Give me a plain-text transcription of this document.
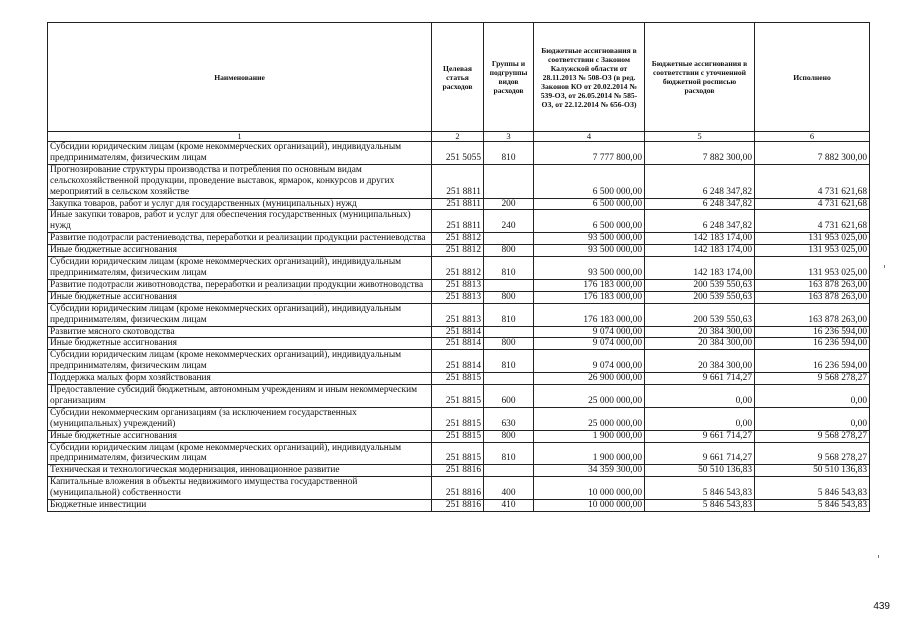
Наименование	Целевая статья расходов	Группы и подгруппы видов расходов	Бюджетные ассигнования в соответствии с Законом Калужской области от 28.11.2013 № 508-ОЗ (в ред. Законов КО от 20.02.2014 № 539-ОЗ, от 26.05.2014 № 585-ОЗ, от 22.12.2014 № 656-ОЗ)	Бюджетные ассигнования в соответствии с уточненной бюджетной росписью расходов	Исполнено
1	2	3	4	5	6
Субсидии юридическим лицам (кроме некоммерческих организаций), индивидуальным предпринимателям, физическим лицам	251 5055	810	7 777 800,00	7 882 300,00	7 882 300,00
Прогнозирование структуры производства и потребления по основным видам сельскохозяйственной продукции, проведение выставок, ярмарок, конкурсов и других мероприятий в сельском хозяйстве	251 8811		6 500 000,00	6 248 347,82	4 731 621,68
Закупка товаров, работ и услуг для государственных (муниципальных) нужд	251 8811	200	6 500 000,00	6 248 347,82	4 731 621,68
Иные закупки товаров, работ и услуг для обеспечения государственных (муниципальных) нужд	251 8811	240	6 500 000,00	6 248 347,82	4 731 621,68
Развитие подотрасли растениеводства, переработки и реализации продукции растениеводства	251 8812		93 500 000,00	142 183 174,00	131 953 025,00
Иные бюджетные ассигнования	251 8812	800	93 500 000,00	142 183 174,00	131 953 025,00
Субсидии юридическим лицам (кроме некоммерческих организаций), индивидуальным предпринимателям, физическим лицам	251 8812	810	93 500 000,00	142 183 174,00	131 953 025,00
Развитие подотрасли животноводства, переработки и реализации продукции животноводства	251 8813		176 183 000,00	200 539 550,63	163 878 263,00
Иные бюджетные ассигнования	251 8813	800	176 183 000,00	200 539 550,63	163 878 263,00
Субсидии юридическим лицам (кроме некоммерческих организаций), индивидуальным предпринимателям, физическим лицам	251 8813	810	176 183 000,00	200 539 550,63	163 878 263,00
Развитие мясного скотоводства	251 8814		9 074 000,00	20 384 300,00	16 236 594,00
Иные бюджетные ассигнования	251 8814	800	9 074 000,00	20 384 300,00	16 236 594,00
Субсидии юридическим лицам (кроме некоммерческих организаций), индивидуальным предпринимателям, физическим лицам	251 8814	810	9 074 000,00	20 384 300,00	16 236 594,00
Поддержка малых форм хозяйствования	251 8815		26 900 000,00	9 661 714,27	9 568 278,27
Предоставление субсидий бюджетным, автономным учреждениям и иным некоммерческим организациям	251 8815	600	25 000 000,00	0,00	0,00
Субсидии некоммерческим организациям (за исключением государственных (муниципальных) учреждений)	251 8815	630	25 000 000,00	0,00	0,00
Иные бюджетные ассигнования	251 8815	800	1 900 000,00	9 661 714,27	9 568 278,27
Субсидии юридическим лицам (кроме некоммерческих организаций), индивидуальным предпринимателям, физическим лицам	251 8815	810	1 900 000,00	9 661 714,27	9 568 278,27
Техническая и технологическая модернизация, инновационное развитие	251 8816		34 359 300,00	50 510 136,83	50 510 136,83
Капитальные вложения в объекты недвижимого имущества государственной (муниципальной) собственности	251 8816	400	10 000 000,00	5 846 543,83	5 846 543,83
Бюджетные инвестиции	251 8816	410	10 000 000,00	5 846 543,83	5 846 543,83
439
